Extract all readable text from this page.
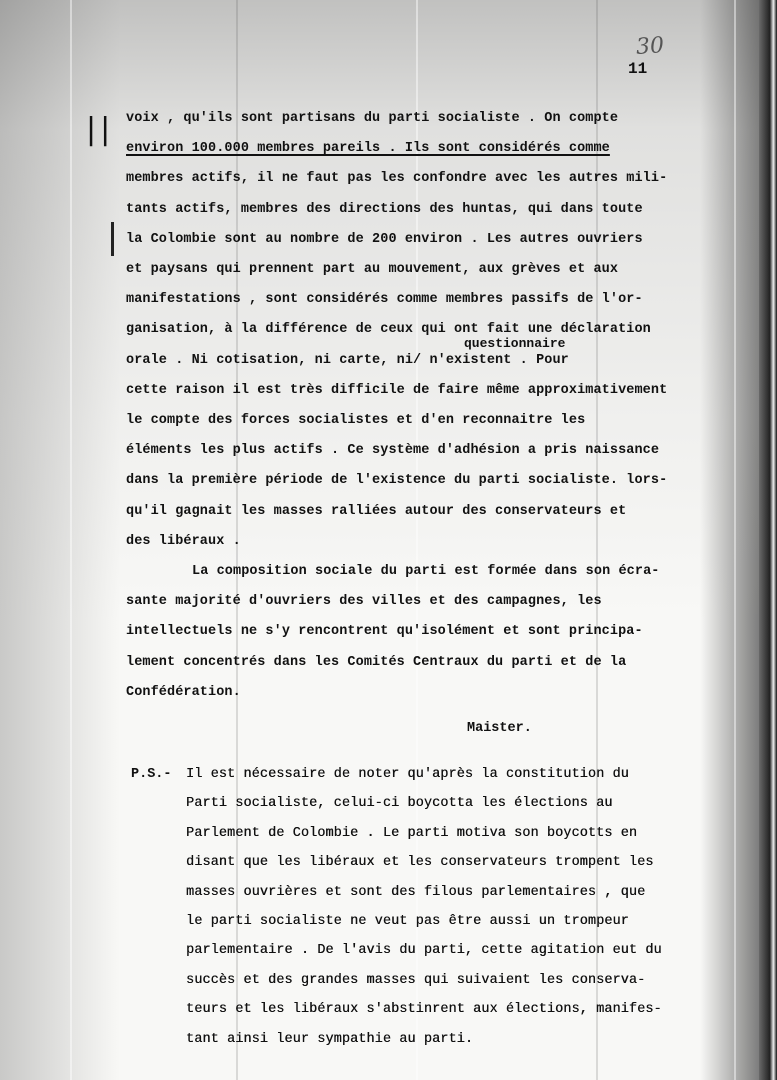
30
11
|| voix , qu'ils sont partisans du parti socialiste . On compte
environ 100.000 membres pareils . Ils sont considérés comme
membres actifs, il ne faut pas les confondre avec les autres mili-
tants actifs, membres des directions des huntas, qui dans toute
la Colombie sont au nombre de 200 environ . Les autres ouvriers
et paysans qui prennent part au mouvement, aux grèves et aux
manifestations , sont considérés comme membres passifs de l'or-
ganisation, à la différence de ceux qui ont fait une déclaration
orale . Ni cotisation, ni carte, ni/ n'existent . Pour
cette raison il est très difficile de faire même approximativement
le compte des forces socialistes et d'en reconnaitre les
éléments les plus actifs . Ce système d'adhésion a pris naissance
dans la première période de l'existence du parti socialiste. lors-
qu'il gagnait les masses ralliées autour des conservateurs et
des libéraux .
La composition sociale du parti est formée dans son écra-
sante majorité d'ouvriers des villes et des campagnes, les
intellectuels ne s'y rencontrent qu'isolément et sont principa-
lement concentrés dans les Comités Centraux du parti et de la
Confédération.
questionnaire
Maister.
P.S.- Il est nécessaire de noter qu'après la constitution du
Parti socialiste, celui-ci boycotta les élections au
Parlement de Colombie . Le parti motiva son boycotts en
disant que les libéraux et les conservateurs trompent les
masses ouvrières et sont des filous parlementaires , que
le parti socialiste ne veut pas être aussi un trompeur
parlementaire . De l'avis du parti, cette agitation eut du
succès et des grandes masses qui suivaient les conserva-
teurs et les libéraux s'abstinrent aux élections, manifes-
tant ainsi leur sympathie au parti.
